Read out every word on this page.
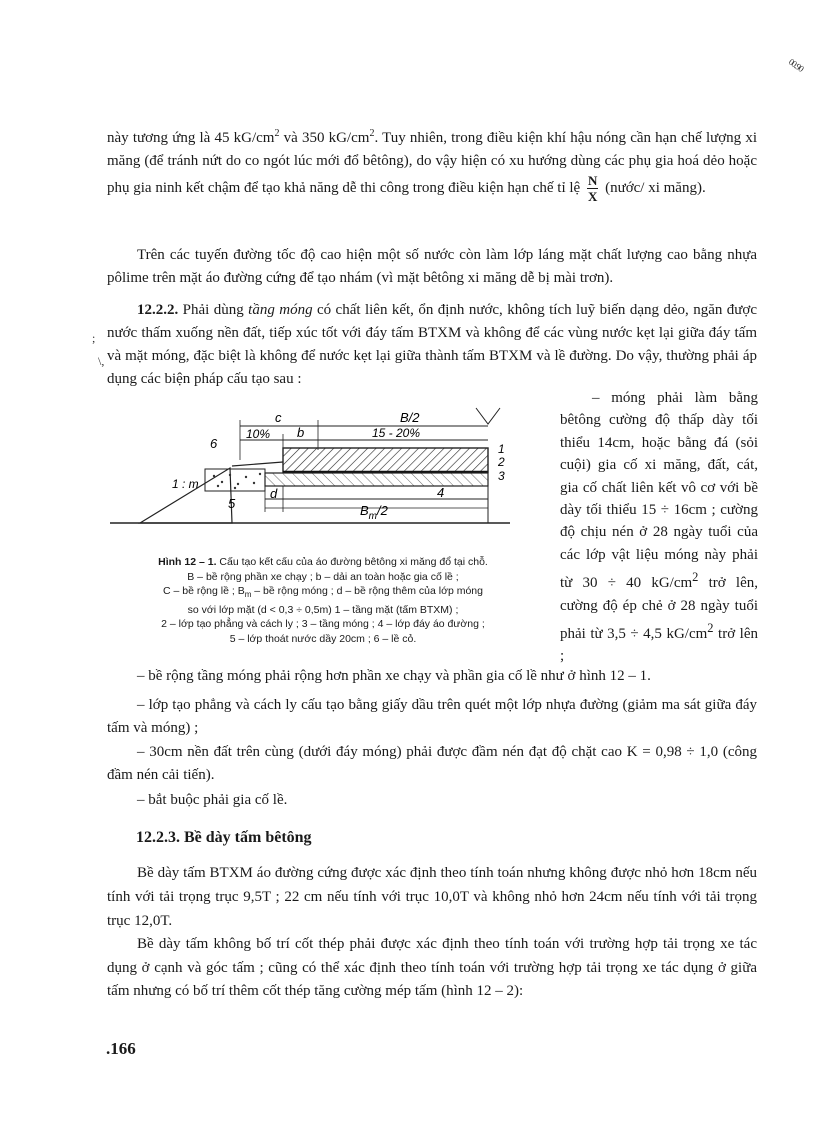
00.90
;
\,

này tương ứng là 45 $kG/cm^2$ và 350 $kG/cm^2$. Tuy nhiên, trong điều kiện khí hậu nóng cần hạn chế lượng xi măng (để tránh nứt do co ngót lúc mới đổ bêtông), do vậy hiện có xu hướng dùng các phụ gia hoá dẻo hoặc phụ gia ninh kết chậm để tạo khả năng dễ thi công trong điều kiện hạn chế tỉ lệ $\frac{N}{X}$ (nước/ xi măng).

Trên các tuyến đường tốc độ cao hiện một số nước còn làm lớp láng mặt chất lượng cao bằng nhựa pôlime trên mặt áo đường cứng để tạo nhám (vì mặt bêtông xi măng dễ bị mài trơn).

12.2.2. Phải dùng tầng móng có chất liên kết, ổn định nước, không tích luỹ biến dạng dẻo, ngăn được nước thấm xuống nền đất, tiếp xúc tốt với đáy tấm BTXM và không để các vùng nước kẹt lại giữa đáy tấm và mặt móng, đặc biệt là không để nước kẹt lại giữa thành tấm BTXM và lề đường. Do vậy, thường phải áp dụng các biện pháp cấu tạo sau :

– móng phải làm bằng bêtông cường độ thấp dày tối thiểu 14cm, hoặc bằng đá (sỏi cuội) gia cố xi măng, đất, cát, gia cố chất liên kết vô cơ với bề dày tối thiểu 15 ÷ 16cm ; cường độ chịu nén ở 28 ngày tuổi của các lớp vật liệu móng này phải từ 30 ÷ 40 $kG/cm^2$ trở lên, cường độ ép chẻ ở 28 ngày tuổi phải từ 3,5 ÷ 4,5 $kG/cm^2$ trở lên ;

c	B/2
10% b	15 - 20%
1 : m
6	1
2
3
4
5
d
$B_m/2$
Hình 12 – 1. Cấu tạo kết cấu của áo đường bêtông xi măng đổ tại chỗ.
B – bề rộng phần xe chạy ; b – dải an toàn hoặc gia cố lề ;
C – bề rộng lề ; $B_m$ – bề rộng móng ; d – bề rộng thêm của lớp móng
so với lớp mặt (d < 0,3 ÷ 0,5m) 1 – tầng mặt (tấm BTXM) ;
2 – lớp tạo phẳng và cách ly ; 3 – tầng móng ; 4 – lớp đáy áo đường ;
5 – lớp thoát nước dầy 20cm ; 6 – lề cỏ.

– bề rộng tầng móng phải rộng hơn phần xe chạy và phần gia cố lề như ở hình 12 – 1.

– lớp tạo phẳng và cách ly cấu tạo bằng giấy dầu trên quét một lớp nhựa đường (giảm ma sát giữa đáy tấm và móng) ;

– 30cm nền đất trên cùng (dưới đáy móng) phải được đầm nén đạt độ chặt cao K = 0,98 ÷ 1,0 (công đầm nén cải tiến).

– bắt buộc phải gia cố lề.

12.2.3. Bề dày tấm bêtông

Bề dày tấm BTXM áo đường cứng được xác định theo tính toán nhưng không được nhỏ hơn 18cm nếu tính với tải trọng trục 9,5T ; 22 cm nếu tính với trục 10,0T và không nhỏ hơn 24cm nếu tính với tải trọng trục 12,0T.

Bề dày tấm không bố trí cốt thép phải được xác định theo tính toán với trường hợp tải trọng xe tác dụng ở cạnh và góc tấm ; cũng có thể xác định theo tính toán với trường hợp tải trọng xe tác dụng ở giữa tấm nhưng có bố trí thêm cốt thép tăng cường mép tấm (hình 12 – 2):

.166
